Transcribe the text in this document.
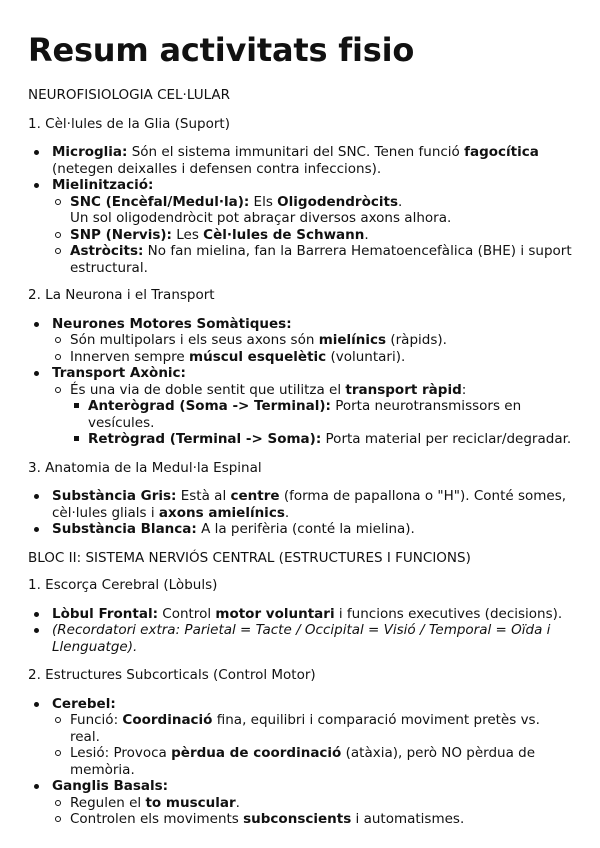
Resum activitats fisio

NEUROFISIOLOGIA CEL·LULAR

1. Cèl·lules de la Glia (Suport)

Microglia: Són el sistema immunitari del SNC. Tenen funció fagocítica
(netegen deixalles i defensen contra infeccions).
Mielinització:
SNC (Encèfal/Medul·la): Els Oligodendròcits.
Un sol oligodendròcit pot abraçar diversos axons alhora.
SNP (Nervis): Les Cèl·lules de Schwann.
Astròcits: No fan mielina, fan la Barrera Hematoencefàlica (BHE) i suport
estructural.

2. La Neurona i el Transport

Neurones Motores Somàtiques:
Són multipolars i els seus axons són mielínics (ràpids).
Innerven sempre múscul esquelètic (voluntari).
Transport Axònic:
És una via de doble sentit que utilitza el transport ràpid:
Anterògrad (Soma -> Terminal): Porta neurotransmissors en vesícules.
Retrògrad (Terminal -> Soma): Porta material per reciclar/degradar.

3. Anatomia de la Medul·la Espinal

Substància Gris: Està al centre (forma de papallona o "H"). Conté somes,
cèl·lules glials i axons amielínics.
Substància Blanca: A la perifèria (conté la mielina).

BLOC II: SISTEMA NERVIÓS CENTRAL (ESTRUCTURES I FUNCIONS)

1. Escorça Cerebral (Lòbuls)

Lòbul Frontal: Control motor voluntari i funcions executives (decisions).
(Recordatori extra: Parietal = Tacte / Occipital = Visió / Temporal = Oïda i
Llenguatge).

2. Estructures Subcorticals (Control Motor)

Cerebel:
Funció: Coordinació fina, equilibri i comparació moviment pretès vs. real.
Lesió: Provoca pèrdua de coordinació (atàxia), però NO pèrdua de
memòria.
Ganglis Basals:
Regulen el to muscular.
Controlen els moviments subconscients i automatismes.
